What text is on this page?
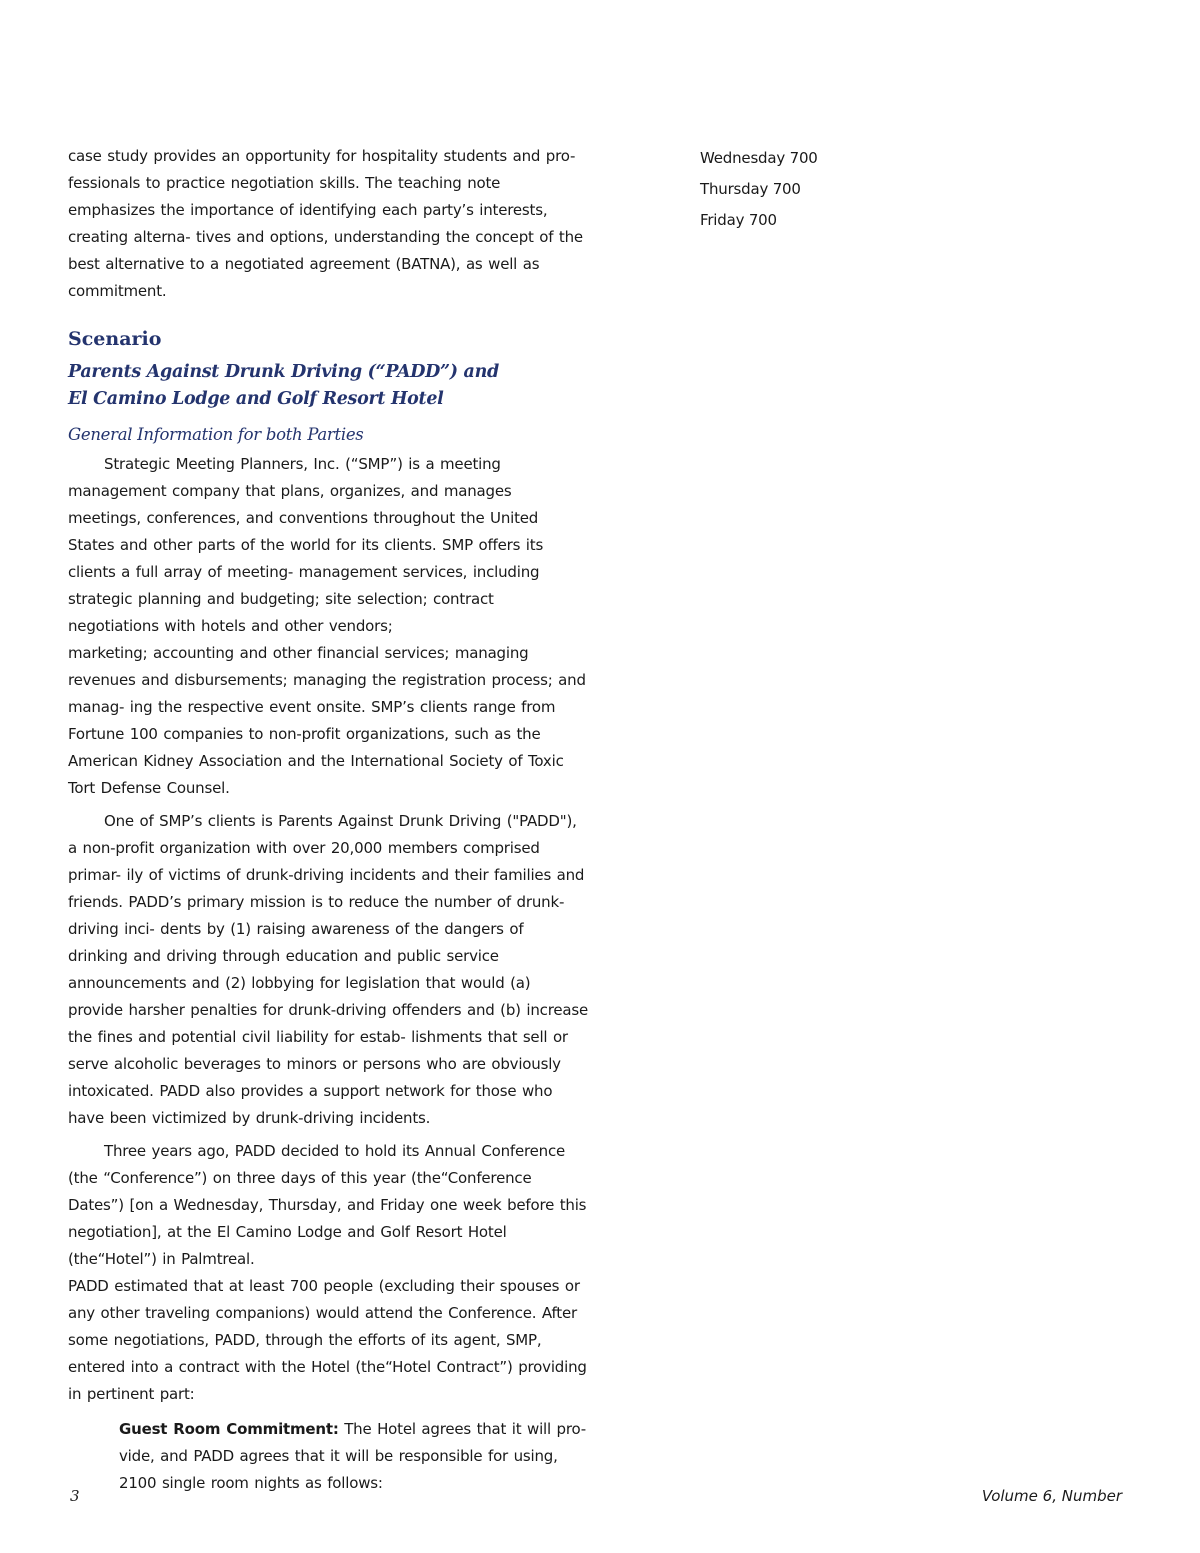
case study provides an opportunity for hospitality students and pro- fessionals to practice negotiation skills. The teaching note emphasizes the importance of identifying each party’s interests, creating alterna- tives and options, understanding the concept of the best alternative to a negotiated agreement (BATNA), as well as commitment.

Scenario
Parents Against Drunk Driving (“PADD”) and
El Camino Lodge and Golf Resort Hotel
General Information for both Parties

Strategic Meeting Planners, Inc. (“SMP”) is a meeting management company that plans, organizes, and manages meetings, conferences, and conventions throughout the United States and other parts of the world for its clients. SMP offers its clients a full array of meeting- management services, including strategic planning and budgeting; site selection; contract negotiations with hotels and other vendors;

marketing; accounting and other financial services; managing revenues and disbursements; managing the registration process; and manag- ing the respective event onsite. SMP’s clients range from Fortune 100 companies to non-profit organizations, such as the American Kidney Association and the International Society of Toxic Tort Defense Counsel.

One of SMP’s clients is Parents Against Drunk Driving ("PADD"), a non-profit organization with over 20,000 members comprised primar- ily of victims of drunk-driving incidents and their families and friends. PADD’s primary mission is to reduce the number of drunk- driving inci- dents by (1) raising awareness of the dangers of drinking and driving through education and public service announcements and (2) lobbying for legislation that would (a) provide harsher penalties for drunk-driving offenders and (b) increase the fines and potential civil liability for estab- lishments that sell or serve alcoholic beverages to minors or persons who are obviously intoxicated. PADD also provides a support network for those who have been victimized by drunk-driving incidents.

Three years ago, PADD decided to hold its Annual Conference (the “Conference”) on three days of this year (the“Conference Dates”) [on a Wednesday, Thursday, and Friday one week before this negotiation], at the El Camino Lodge and Golf Resort Hotel (the“Hotel”) in Palmtreal.

PADD estimated that at least 700 people (excluding their spouses or any other traveling companions) would attend the Conference. After some negotiations, PADD, through the efforts of its agent, SMP, entered into a contract with the Hotel (the“Hotel Contract”) providing in pertinent part:

Guest Room Commitment: The Hotel agrees that it will pro- vide, and PADD agrees that it will be responsible for using, 2100 single room nights as follows:

Wednesday 700
Thursday 700
Friday 700
3	Volume 6, Number
